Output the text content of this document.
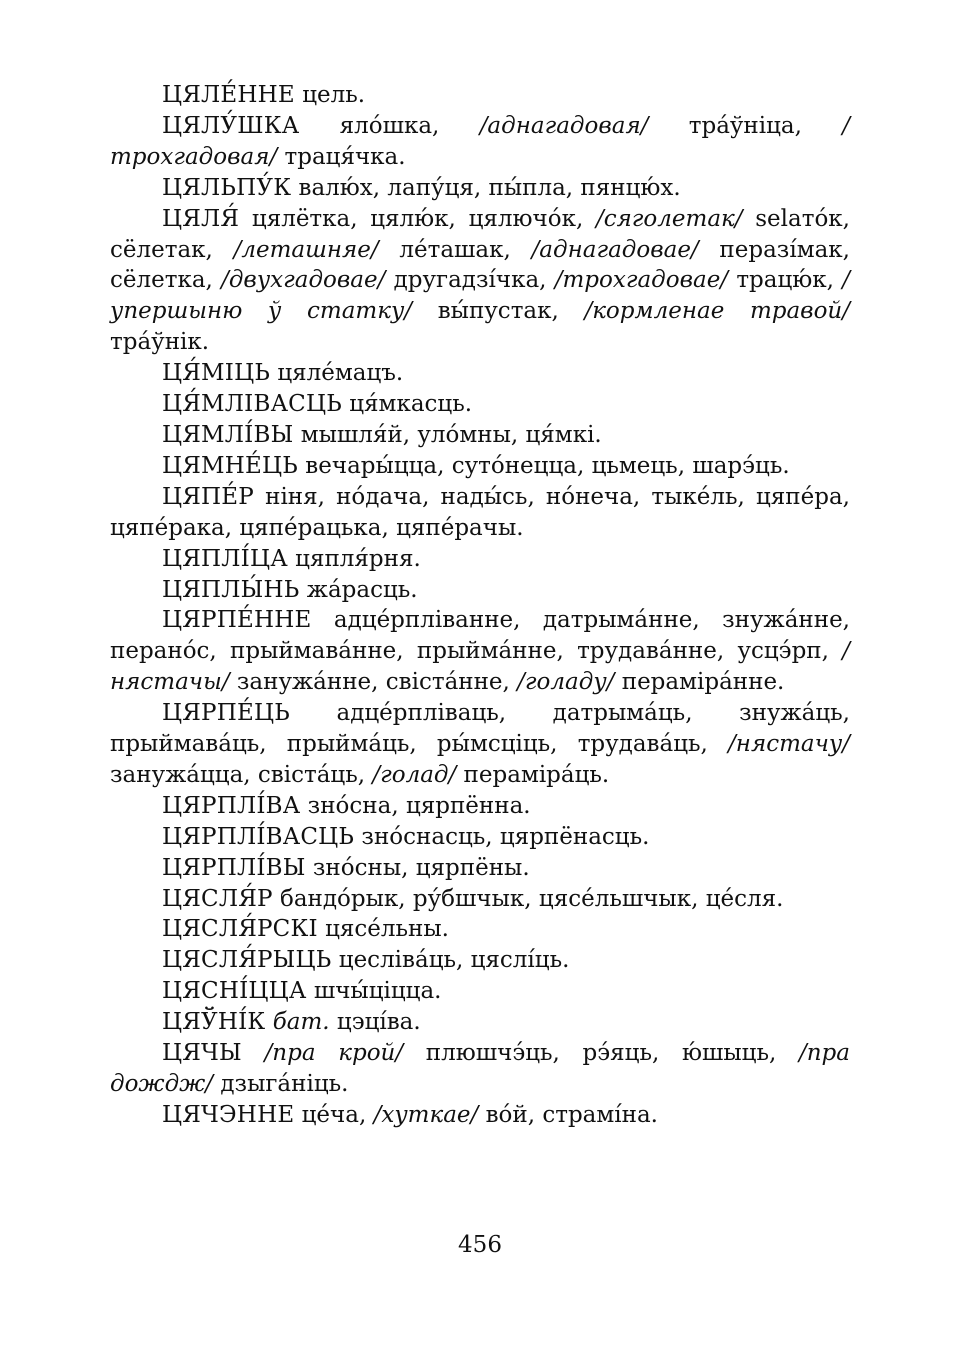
ЦЯЛЕ́ННЕ цель.

ЦЯЛУ́ШКА яло́шка, /аднагадовая/ тра́ўніца, /трохгадовая/ траця́чка.

ЦЯЛЬПУ́К валю́х, лапу́ця, пы́пла, пянцю́х.

ЦЯЛЯ́ цялётка, цялю́к, цялючо́к, /сяголетак/ selaто́к, сёлетак, /леташняе/ ле́ташак, /аднагадовае/ перазі́мак, сёлетка, /двухгадовае/ другадзі́чка, /трохгадовае/ трацю́к, /упершыню ў статку/ вы́пустак, /кормленае травой/ тра́ўнік.

ЦЯ́МІЦЬ цяле́мацъ.

ЦЯ́МЛІВАСЦЬ ця́мкасць.

ЦЯМЛІ́ВЫ мышля́й, уло́мны, ця́мкі.

ЦЯМНЕ́ЦЬ вечары́цца, суто́нецца, цьмець, шарэ́ць.

ЦЯПЕ́Р ніня, но́дача, нады́сь, но́неча, тыке́ль, цяпе́ра, цяпе́рака, цяпе́рацька, цяпе́рачы.

ЦЯПЛІ́ЦА цяпля́рня.

ЦЯПЛЫ́НЬ жа́расць.

ЦЯРПЕ́ННЕ адце́рпліванне, датрыма́нне, знужа́нне, перано́с, прыймава́нне, прыйма́нне, трудава́нне, усцэ́рп, /нястачы/ занужа́нне, свіста́нне, /голаду/ пераміра́нне.

ЦЯРПЕ́ЦЬ адце́рпліваць, датрыма́ць, знужа́ць, прыймава́ць, прыйма́ць, ры́мсціць, трудава́ць, /нястачу/ занужа́цца, свіста́ць, /голад/ пераміра́ць.

ЦЯРПЛІ́ВА зно́сна, цярпённа.

ЦЯРПЛІ́ВАСЦЬ зно́снасць, цярпёнасць.

ЦЯРПЛІ́ВЫ зно́сны, цярпёны.

ЦЯСЛЯ́Р бандо́рык, ру́бшчык, цясе́льшчык, це́сля.

ЦЯСЛЯ́РСКІ цясе́льны.

ЦЯСЛЯ́РЫЦЬ цесліва́ць, цяслі́ць.

ЦЯСНІ́ЦЦА шчы́ціцца.

ЦЯЎНІ́К бат. цэці́ва.

ЦЯЧЫ /пра крой/ плюшчэ́ць, рэ́яць, ю́шыць, /пра дождж/ дзыга́ніць.

ЦЯЧЭННЕ це́ча, /хуткае/ во́й, страмі́на.

456
